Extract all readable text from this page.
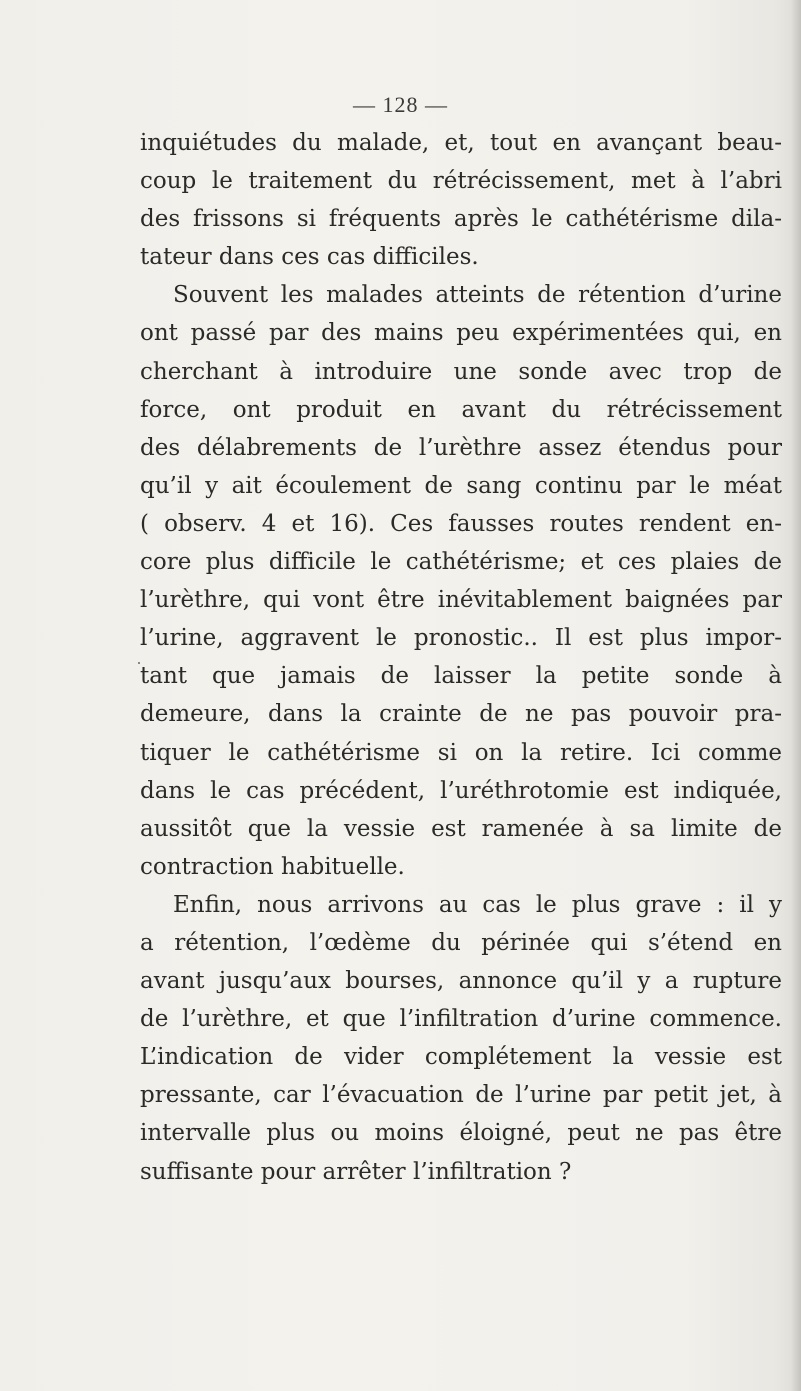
— 128 —
inquiétudes du malade, et, tout en avançant beau-
coup le traitement du rétrécissement, met à l’abri
des frissons si fréquents après le cathétérisme dila-
tateur dans ces cas difficiles.
Souvent les malades atteints de rétention d’urine
ont passé par des mains peu expérimentées qui, en
cherchant à introduire une sonde avec trop de
force, ont produit en avant du rétrécissement
des délabrements de l’urèthre assez étendus pour
qu’il y ait écoulement de sang continu par le méat
( observ. 4 et 16). Ces fausses routes rendent en-
core plus difficile le cathétérisme; et ces plaies de
l’urèthre, qui vont être inévitablement baignées par
l’urine, aggravent le pronostic.. Il est plus impor-
tant que jamais de laisser la petite sonde à
demeure, dans la crainte de ne pas pouvoir pra-
tiquer le cathétérisme si on la retire. Ici comme
dans le cas précédent, l’uréthrotomie est indiquée,
aussitôt que la vessie est ramenée à sa limite de
contraction habituelle.
Enfin, nous arrivons au cas le plus grave : il y
a rétention, l’œdème du périnée qui s’étend en
avant jusqu’aux bourses, annonce qu’il y a rupture
de l’urèthre, et que l’infiltration d’urine commence.
L’indication de vider complétement la vessie est
pressante, car l’évacuation de l’urine par petit jet, à
intervalle plus ou moins éloigné, peut ne pas être
suffisante pour arrêter l’infiltration ?
